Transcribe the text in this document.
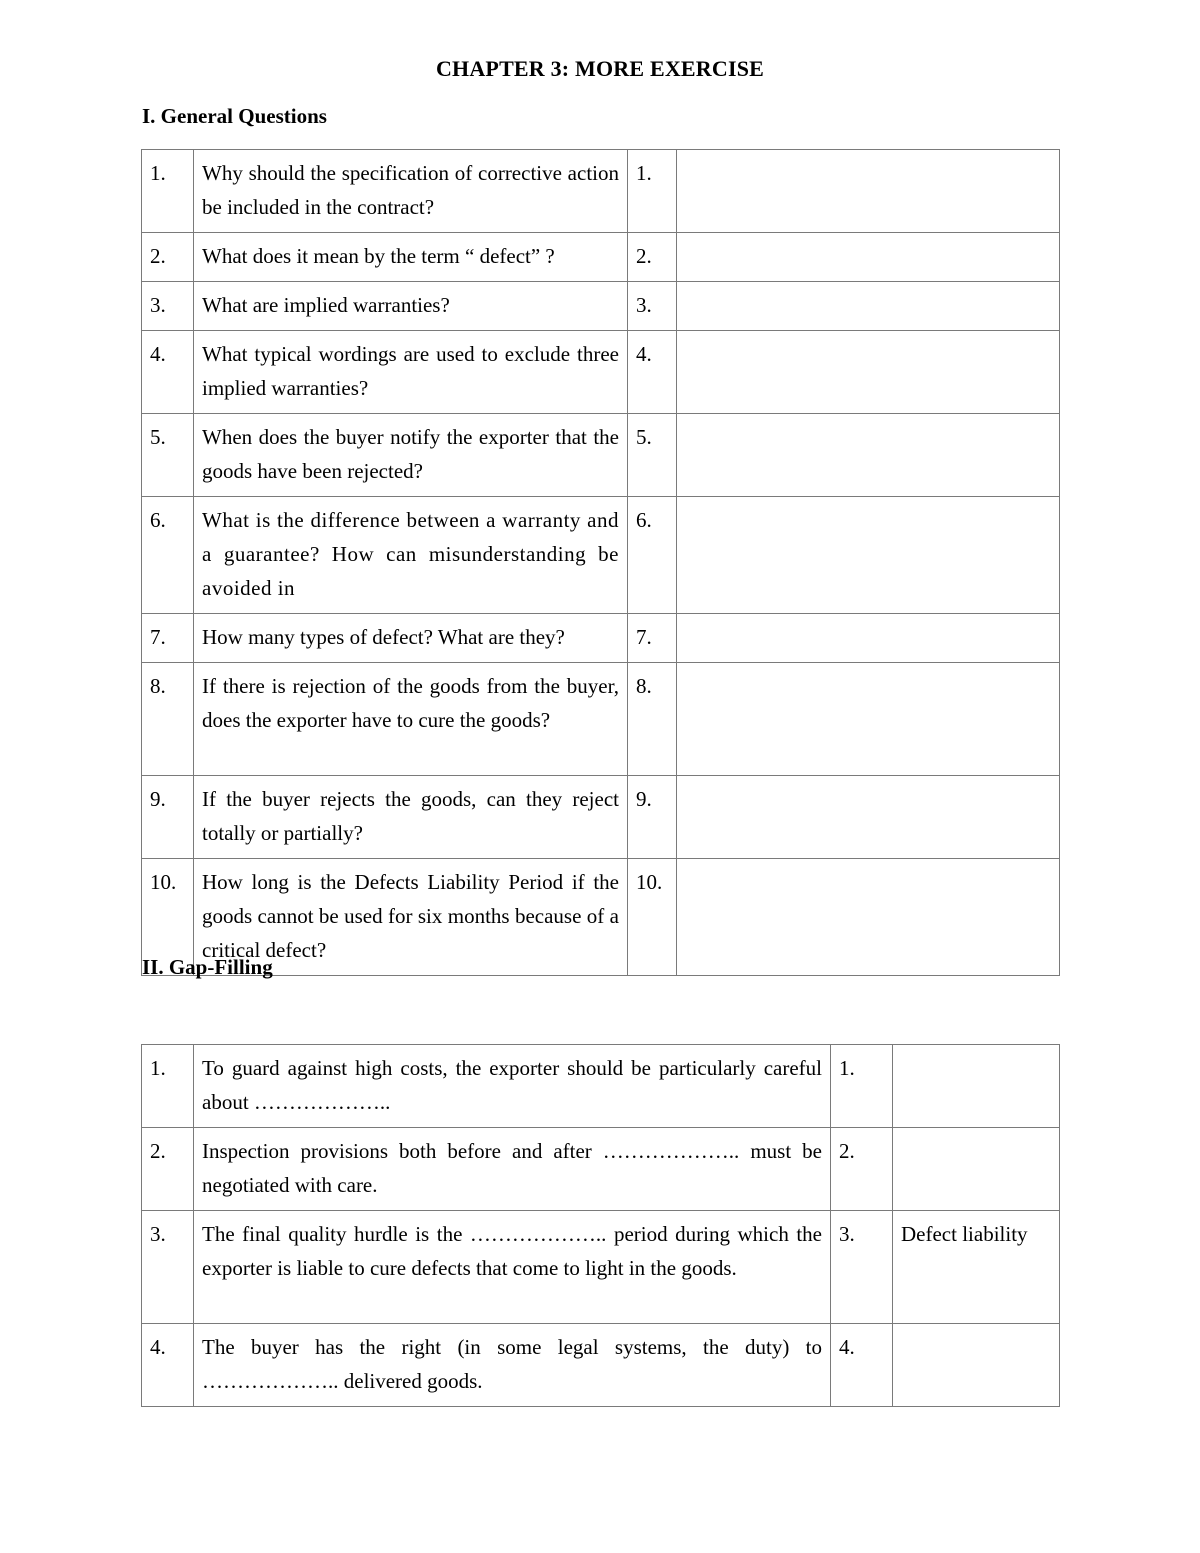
CHAPTER 3: MORE EXERCISE
I. General Questions
1.	Why should the specification of corrective action be included in the contract?	1.	
2.	What does it mean by the term “ defect” ?	2.	
3.	What are implied warranties?	3.	
4.	What typical wordings are used to exclude three implied warranties?	4.	
5.	When does the buyer notify the exporter that the goods have been rejected?	5.	
6.	What is the difference between a warranty and a guarantee? How can misunderstanding be avoided in	6.	
7.	How many types of defect? What are they?	7.	
8.	If there is rejection of the goods from the buyer, does the exporter have to cure the goods?	8.	
9.	If the buyer rejects the goods, can they reject totally or partially?	9.	
10.	How long is the Defects Liability Period if the goods cannot be used for six months because of a critical defect?	10.	
II. Gap-Filling
1.	To guard against high costs, the exporter should be particularly careful about ………………..	1.	
2.	Inspection provisions both before and after ……………….. must be negotiated with care.	2.	
3.	The final quality hurdle is the ……………….. period during which the exporter is liable to cure defects that come to light in the goods.	3.	Defect liability
4.	The buyer has the right (in some legal systems, the duty) to ……………….. delivered goods.	4.	
